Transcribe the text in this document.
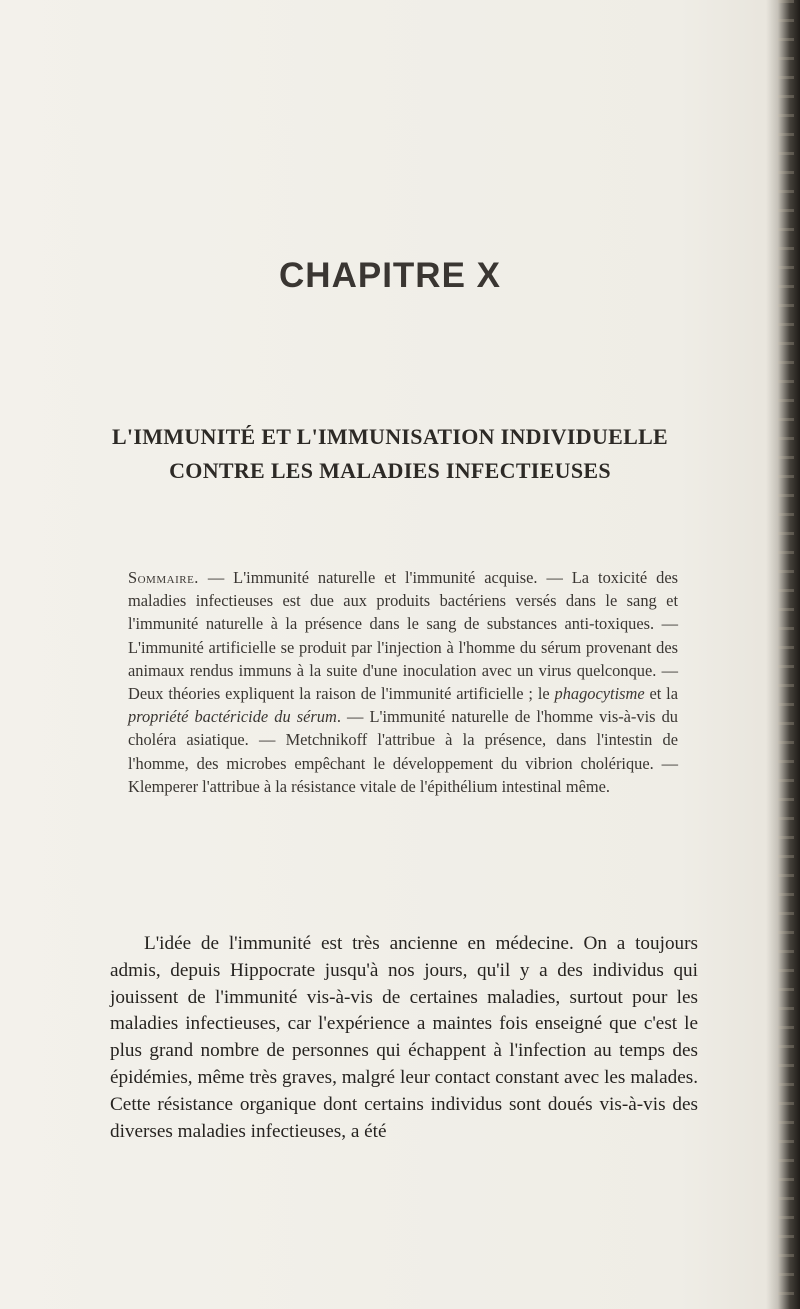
CHAPITRE X
L'IMMUNITÉ ET L'IMMUNISATION INDIVIDUELLE
CONTRE LES MALADIES INFECTIEUSES

Sommaire. — L'immunité naturelle et l'immunité acquise. — La toxicité des maladies infectieuses est due aux produits bactériens versés dans le sang et l'immunité naturelle à la présence dans le sang de substances anti-toxiques. — L'immunité artificielle se produit par l'injection à l'homme du sérum provenant des animaux rendus immuns à la suite d'une inoculation avec un virus quelconque. — Deux théories expliquent la raison de l'immunité artificielle ; le phagocytisme et la propriété bactéricide du sérum. — L'immunité naturelle de l'homme vis-à-vis du choléra asiatique. — Metchnikoff l'attribue à la présence, dans l'intestin de l'homme, des microbes empêchant le développement du vibrion cholérique. — Klemperer l'attribue à la résistance vitale de l'épithélium intestinal même.

L'idée de l'immunité est très ancienne en médecine. On a toujours admis, depuis Hippocrate jusqu'à nos jours, qu'il y a des individus qui jouissent de l'immunité vis-à-vis de certaines maladies, surtout pour les maladies infectieuses, car l'expérience a maintes fois enseigné que c'est le plus grand nombre de personnes qui échappent à l'infection au temps des épidémies, même très graves, malgré leur contact constant avec les malades. Cette résistance organique dont certains individus sont doués vis-à-vis des diverses maladies infectieuses, a été
